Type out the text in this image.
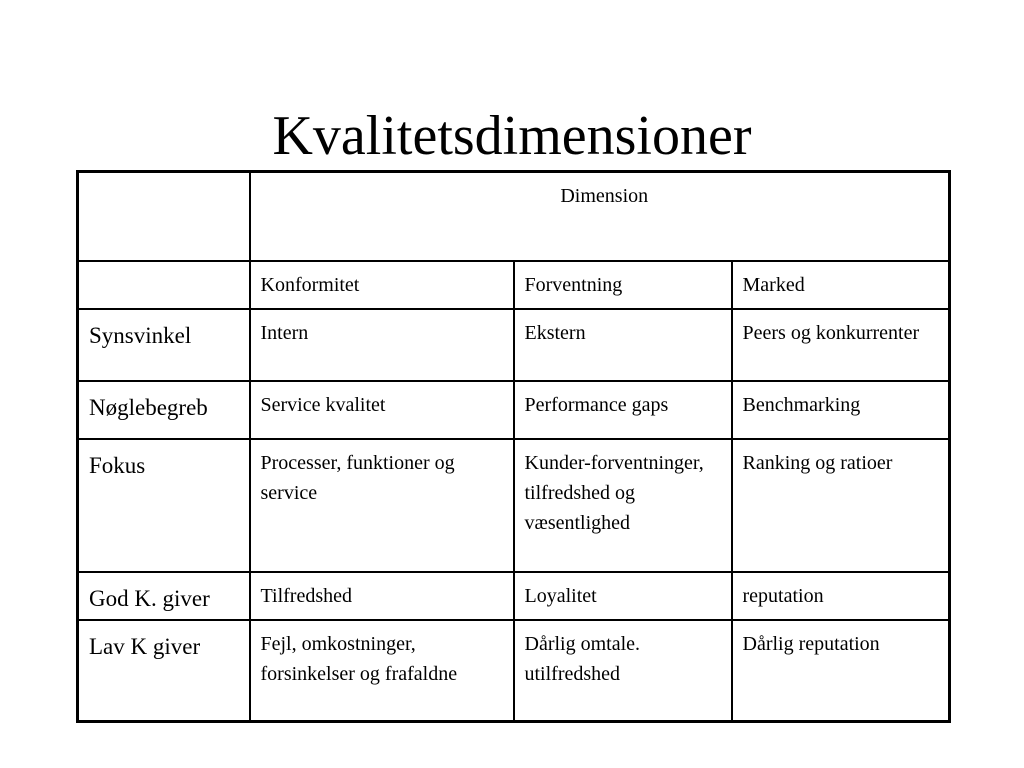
Kvalitetsdimensioner
	Dimension		
	Konformitet	Forventning	Marked
Synsvinkel	Intern	Ekstern	Peers og konkurrenter
Nøglebegreb	Service kvalitet	Performance gaps	Benchmarking
Fokus	Processer, funktioner og service	Kunder-forventninger, tilfredshed og væsentlighed	Ranking og ratioer
God K. giver	Tilfredshed	Loyalitet	reputation
Lav K giver	Fejl, omkostninger, forsinkelser og frafaldne	Dårlig omtale. utilfredshed	Dårlig reputation
